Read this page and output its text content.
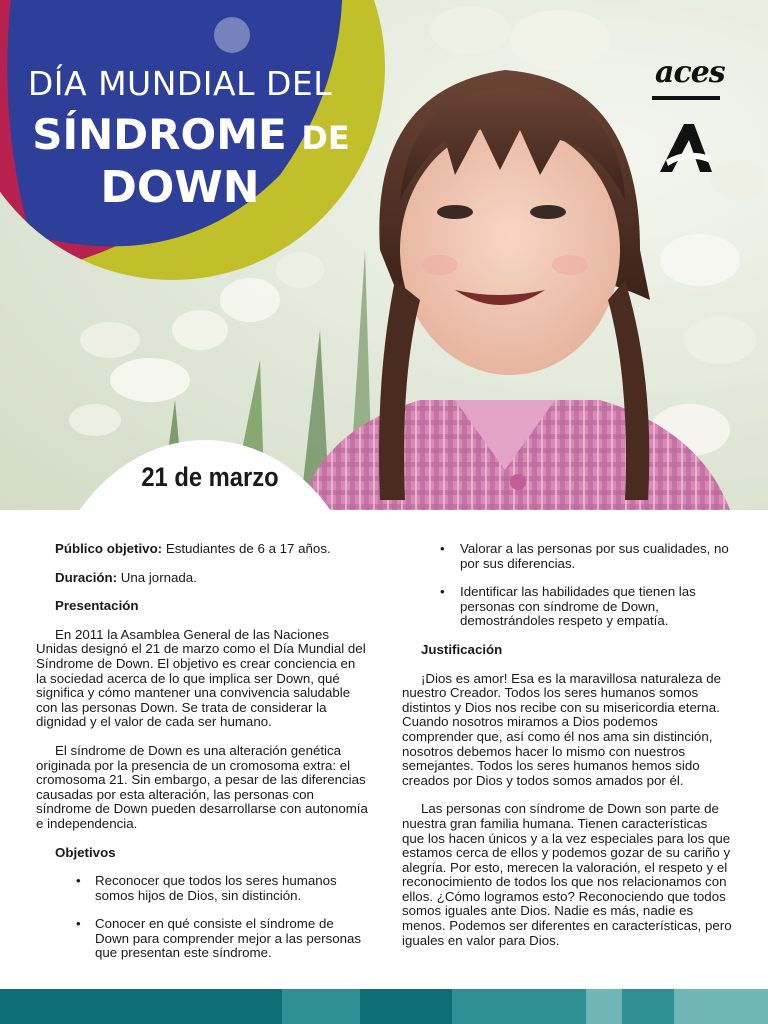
DÍA MUNDIAL DEL
SÍNDROME DE
DOWN
aces
21 de marzo

Público objetivo: Estudiantes de 6 a 17 años.

Duración: Una jornada.

Presentación

En 2011 la Asamblea General de las Naciones Unidas designó el 21 de marzo como el Día Mundial del Síndrome de Down. El objetivo es crear conciencia en la sociedad acerca de lo que implica ser Down, qué significa y cómo mantener una convivencia saludable con las personas Down. Se trata de considerar la dignidad y el valor de cada ser humano.

El síndrome de Down es una alteración genética originada por la presencia de un cromosoma extra: el cromosoma 21. Sin embargo, a pesar de las diferencias causadas por esta alteración, las personas con síndrome de Down pueden desarrollarse con autonomía e independencia.

Objetivos

• Reconocer que todos los seres humanos somos hijos de Dios, sin distinción.
• Conocer en qué consiste el síndrome de Down para comprender mejor a las personas que presentan este síndrome.
• Valorar a las personas por sus cualidades, no por sus diferencias.
• Identificar las habilidades que tienen las personas con síndrome de Down, demostrándoles respeto y empatía.

Justificación

¡Dios es amor! Esa es la maravillosa naturaleza de nuestro Creador. Todos los seres humanos somos distintos y Dios nos recibe con su misericordia eterna. Cuando nosotros miramos a Dios podemos comprender que, así como él nos ama sin distinción, nosotros debemos hacer lo mismo con nuestros semejantes. Todos los seres humanos hemos sido creados por Dios y todos somos amados por él.

Las personas con síndrome de Down son parte de nuestra gran familia humana. Tienen características que los hacen únicos y a la vez especiales para los que estamos cerca de ellos y podemos gozar de su cariño y alegría. Por esto, merecen la valoración, el respeto y el reconocimiento de todos los que nos relacionamos con ellos. ¿Cómo logramos esto? Reconociendo que todos somos iguales ante Dios. Nadie es más, nadie es menos. Podemos ser diferentes en características, pero iguales en valor para Dios.
